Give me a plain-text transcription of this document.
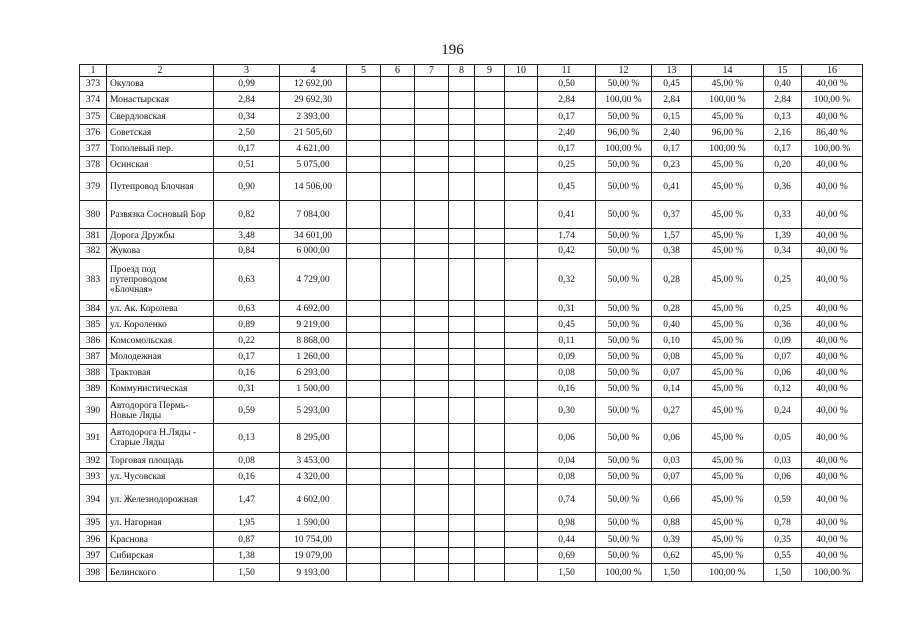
196
1	2	3	4	5	6	7	8	9	10	11	12	13	14	15	16
373	Окулова	0,99	12 692,00							0,50	50,00 %	0,45	45,00 %	0,40	40,00 %
374	Монастырская	2,84	29 692,30							2,84	100,00 %	2,84	100,00 %	2,84	100,00 %
375	Свердловская	0,34	2 393,00							0,17	50,00 %	0,15	45,00 %	0,13	40,00 %
376	Советская	2,50	21 505,60							2,40	96,00 %	2,40	96,00 %	2,16	86,40 %
377	Тополевый пер.	0,17	4 621,00							0,17	100,00 %	0,17	100,00 %	0,17	100,00 %
378	Осинская	0,51	5 075,00							0,25	50,00 %	0,23	45,00 %	0,20	40,00 %
379	Путепровод Блочная	0,90	14 506,00							0,45	50,00 %	0,41	45,00 %	0,36	40,00 %
380	Развязка Сосновый Бор	0,82	7 084,00							0,41	50,00 %	0,37	45,00 %	0,33	40,00 %
381	Дорога Дружбы	3,48	34 601,00							1,74	50,00 %	1,57	45,00 %	1,39	40,00 %
382	Жукова	0,84	6 000,00							0,42	50,00 %	0,38	45,00 %	0,34	40,00 %
383	Проезд под путепроводом «Блочная»	0,63	4 729,00							0,32	50,00 %	0,28	45,00 %	0,25	40,00 %
384	ул. Ак. Королева	0,63	4 692,00							0,31	50,00 %	0,28	45,00 %	0,25	40,00 %
385	ул. Короленко	0,89	9 219,00							0,45	50,00 %	0,40	45,00 %	0,36	40,00 %
386	Комсомольская	0,22	8 868,00							0,11	50,00 %	0,10	45,00 %	0,09	40,00 %
387	Молодежная	0,17	1 260,00							0,09	50,00 %	0,08	45,00 %	0,07	40,00 %
388	Трактовая	0,16	6 293,00							0,08	50,00 %	0,07	45,00 %	0,06	40,00 %
389	Коммунистическая	0,31	1 500,00							0,16	50,00 %	0,14	45,00 %	0,12	40,00 %
390	Автодорога Пермь-Новые Ляды	0,59	5 293,00							0,30	50,00 %	0,27	45,00 %	0,24	40,00 %
391	Автодорога Н.Ляды - Старые Ляды	0,13	8 295,00							0,06	50,00 %	0,06	45,00 %	0,05	40,00 %
392	Торговая площадь	0,08	3 453,00							0,04	50,00 %	0,03	45,00 %	0,03	40,00 %
393	ул. Чусовская	0,16	4 320,00							0,08	50,00 %	0,07	45,00 %	0,06	40,00 %
394	ул. Железнодорожная	1,47	4 602,00							0,74	50,00 %	0,66	45,00 %	0,59	40,00 %
395	ул. Нагорная	1,95	1 590,00							0,98	50,00 %	0,88	45,00 %	0,78	40,00 %
396	Краснова	0,87	10 754,00							0,44	50,00 %	0,39	45,00 %	0,35	40,00 %
397	Сибирская	1,38	19 079,00							0,69	50,00 %	0,62	45,00 %	0,55	40,00 %
398	Белинского	1,50	9 193,00							1,50	100,00 %	1,50	100,00 %	1,50	100,00 %
